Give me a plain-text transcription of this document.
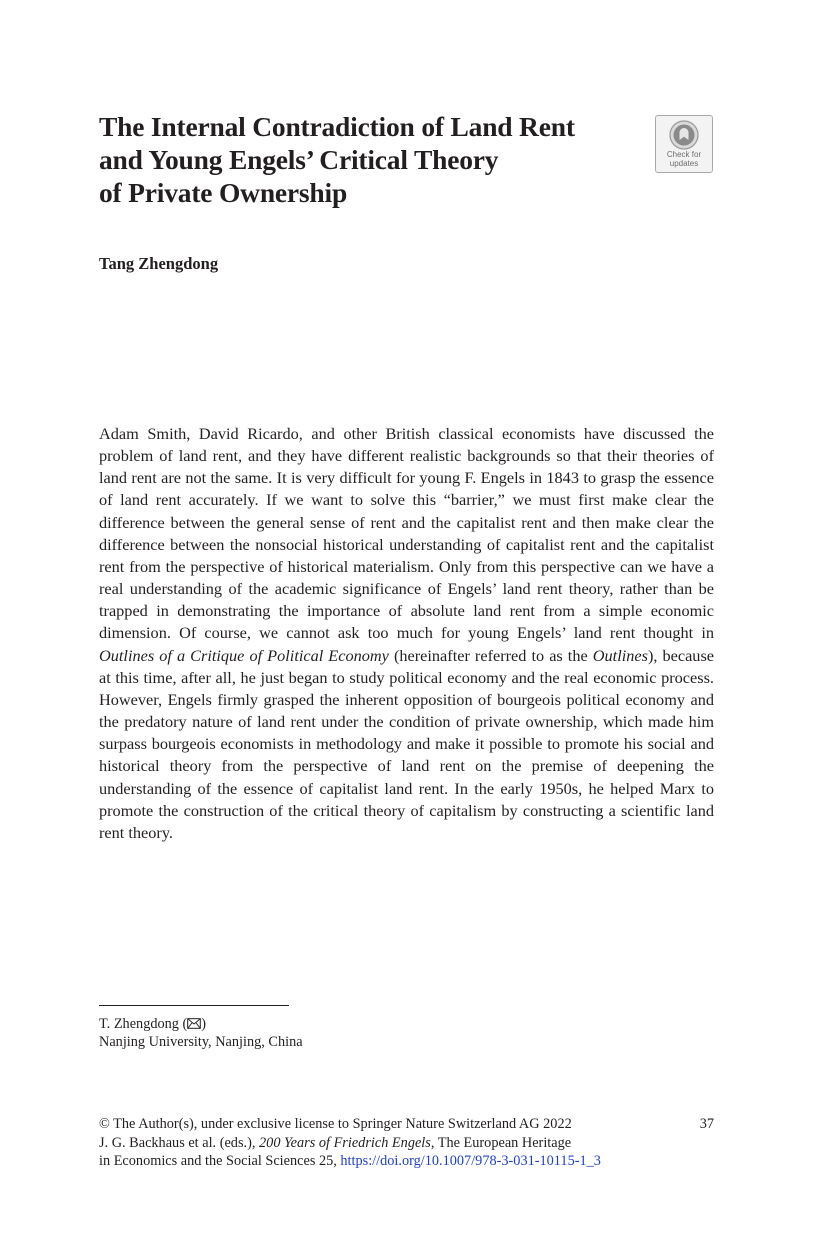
The Internal Contradiction of Land Rent
and Young Engels’ Critical Theory
of Private Ownership
Check for
updates

Tang Zhengdong

Adam Smith, David Ricardo, and other British classical economists have discussed the problem of land rent, and they have different realistic backgrounds so that their theories of land rent are not the same. It is very difficult for young F. Engels in 1843 to grasp the essence of land rent accurately. If we want to solve this “barrier,” we must first make clear the difference between the general sense of rent and the capitalist rent and then make clear the difference between the nonsocial historical understanding of capitalist rent and the capitalist rent from the perspective of historical materialism. Only from this perspective can we have a real understanding of the academic significance of Engels’ land rent theory, rather than be trapped in demonstrating the importance of absolute land rent from a simple economic dimension. Of course, we cannot ask too much for young Engels’ land rent thought in Outlines of a Critique of Political Economy (hereinafter referred to as the Outlines), because at this time, after all, he just began to study political economy and the real economic process. However, Engels firmly grasped the inherent opposition of bourgeois political economy and the predatory nature of land rent under the condition of private ownership, which made him surpass bourgeois economists in methodology and make it possible to promote his social and historical theory from the perspective of land rent on the premise of deepening the understanding of the essence of capitalist land rent. In the early 1950s, he helped Marx to promote the construction of the critical theory of capitalism by constructing a scientific land rent theory.

T. Zhengdong ( )
Nanjing University, Nanjing, China
© The Author(s), under exclusive license to Springer Nature Switzerland AG 2022	37
J. G. Backhaus et al. (eds.), 200 Years of Friedrich Engels, The European Heritage
in Economics and the Social Sciences 25, https://doi.org/10.1007/978-3-031-10115-1_3
